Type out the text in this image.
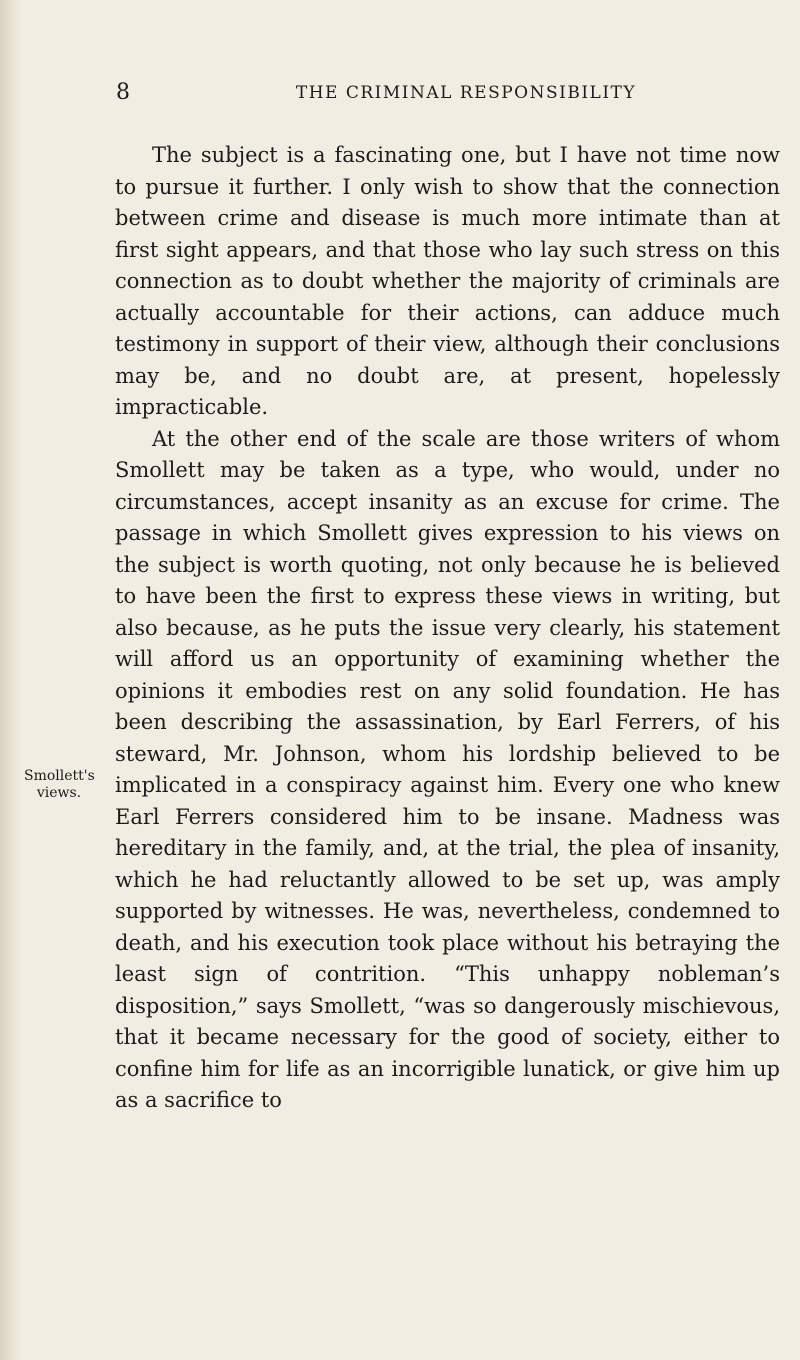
8	THE CRIMINAL RESPONSIBILITY
Smollett's
views.

The subject is a fascinating one, but I have not time now to pursue it further. I only wish to show that the connection between crime and disease is much more intimate than at first sight appears, and that those who lay such stress on this connection as to doubt whether the majority of criminals are actually accountable for their actions, can adduce much testimony in support of their view, although their conclusions may be, and no doubt are, at present, hopelessly impracticable.

At the other end of the scale are those writers of whom Smollett may be taken as a type, who would, under no circumstances, accept insanity as an excuse for crime. The passage in which Smollett gives expression to his views on the subject is worth quoting, not only because he is believed to have been the first to express these views in writing, but also because, as he puts the issue very clearly, his statement will afford us an opportunity of examining whether the opinions it embodies rest on any solid foundation. He has been describing the assassination, by Earl Ferrers, of his steward, Mr. Johnson, whom his lordship believed to be implicated in a conspiracy against him. Every one who knew Earl Ferrers considered him to be insane. Madness was hereditary in the family, and, at the trial, the plea of insanity, which he had reluctantly allowed to be set up, was amply supported by witnesses. He was, nevertheless, condemned to death, and his execution took place without his betraying the least sign of contrition. “This unhappy nobleman’s disposition,” says Smollett, “was so dangerously mischievous, that it became necessary for the good of society, either to confine him for life as an incorrigible lunatick, or give him up as a sacrifice to
